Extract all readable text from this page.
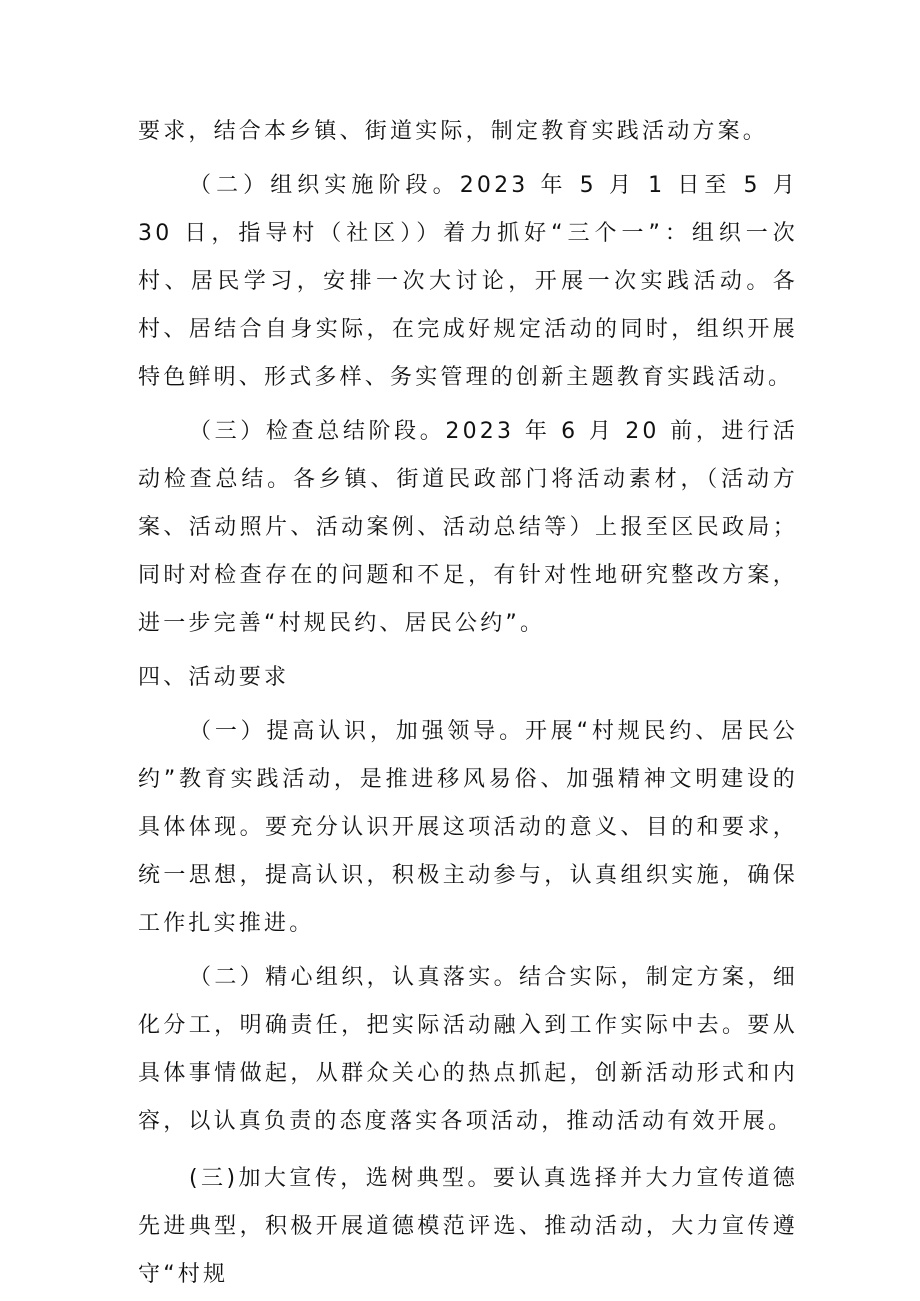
要求，结合本乡镇、街道实际，制定教育实践活动方案。

（二）组织实施阶段。2023 年 5 月 1 日至 5 月 30 日，指导村（社区））着力抓好“三个一”：组织一次村、居民学习，安排一次大讨论，开展一次实践活动。各村、居结合自身实际，在完成好规定活动的同时，组织开展特色鲜明、形式多样、务实管理的创新主题教育实践活动。

（三）检查总结阶段。2023 年 6 月 20 前，进行活动检查总结。各乡镇、街道民政部门将活动素材，（活动方案、活动照片、活动案例、活动总结等）上报至区民政局；同时对检查存在的问题和不足，有针对性地研究整改方案，进一步完善“村规民约、居民公约”。

四、活动要求

（一）提高认识，加强领导。开展“村规民约、居民公约”教育实践活动，是推进移风易俗、加强精神文明建设的具体体现。要充分认识开展这项活动的意义、目的和要求，统一思想，提高认识，积极主动参与，认真组织实施，确保工作扎实推进。

（二）精心组织，认真落实。结合实际，制定方案，细化分工，明确责任，把实际活动融入到工作实际中去。要从具体事情做起，从群众关心的热点抓起，创新活动形式和内容，以认真负责的态度落实各项活动，推动活动有效开展。

(三)加大宣传，选树典型。要认真选择并大力宣传道德先进典型，积极开展道德模范评选、推动活动，大力宣传遵守“村规
